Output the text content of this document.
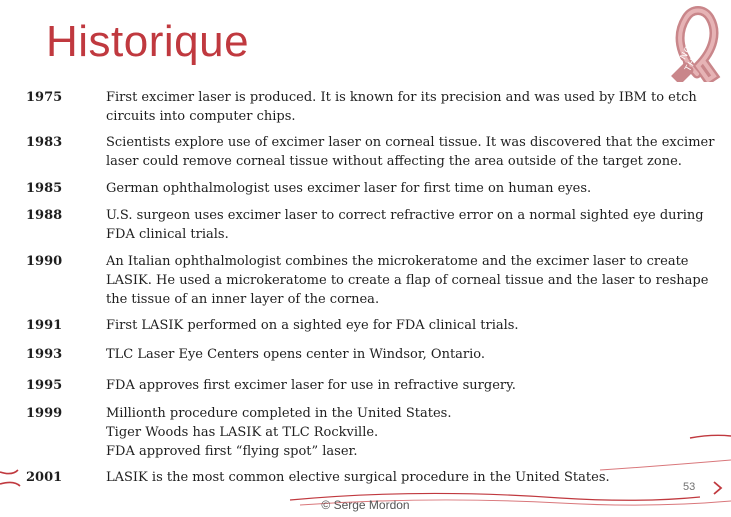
Historique	ONCO-THAI
1975	First excimer laser is produced. It is known for its precision and was used by IBM to etch
circuits into computer chips.
1983	Scientists explore use of excimer laser on corneal tissue. It was discovered that the excimer
laser could remove corneal tissue without affecting the area outside of the target zone.
1985	German ophthalmologist uses excimer laser for first time on human eyes.
1988	U.S. surgeon uses excimer laser to correct refractive error on a normal sighted eye during
FDA clinical trials.
1990	An Italian ophthalmologist combines the microkeratome and the excimer laser to create
LASIK. He used a microkeratome to create a flap of corneal tissue and the laser to reshape
the tissue of an inner layer of the cornea.
1991	First LASIK performed on a sighted eye for FDA clinical trials.
1993	TLC Laser Eye Centers opens center in Windsor, Ontario.
1995	FDA approves first excimer laser for use in refractive surgery.
1999	Millionth procedure completed in the United States.
Tiger Woods has LASIK at TLC Rockville.
FDA approved first “flying spot” laser.
2001	LASIK is the most common elective surgical procedure in the United States.
53
© Serge Mordon
